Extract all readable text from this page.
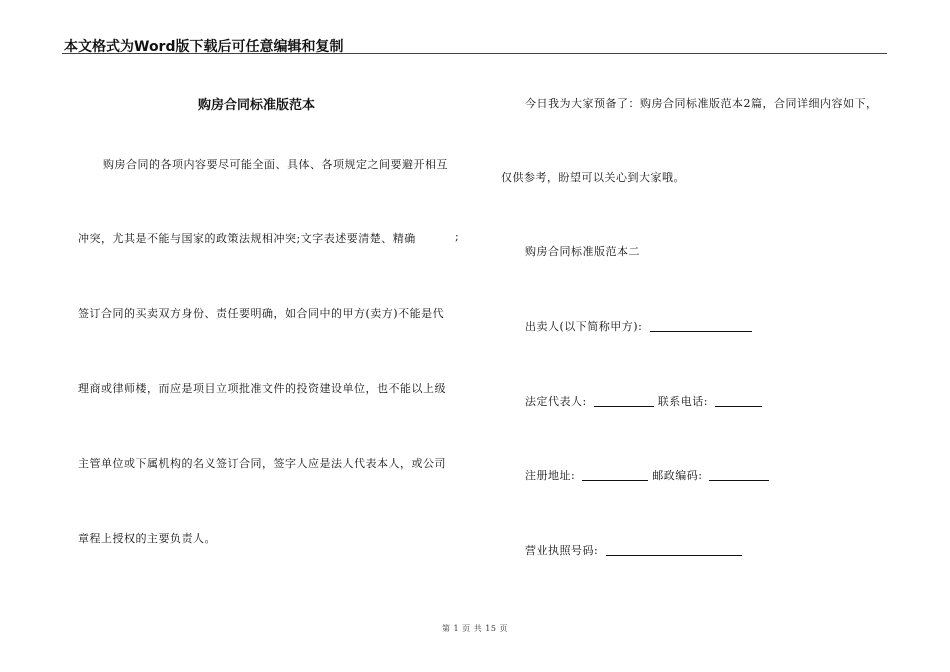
本文格式为Word版下载后可任意编辑和复制
购房合同标准版范本
购房合同的各项内容要尽可能全面、具体、各项规定之间要避开相互
冲突，尤其是不能与国家的政策法规相冲突;文字表述要清楚、精确	;
签订合同的买卖双方身份、责任要明确，如合同中的甲方(卖方)不能是代
理商或律师楼，而应是项目立项批准文件的投资建设单位，也不能以上级
主管单位或下属机构的名义签订合同，签字人应是法人代表本人，或公司
章程上授权的主要负责人。
今日我为大家预备了：购房合同标准版范本2篇，合同详细内容如下，
仅供参考，盼望可以关心到大家哦。
购房合同标准版范本二
出卖人(以下简称甲方):
法定代表人:	联系电话:
注册地址:	邮政编码:
营业执照号码:
第 1 页 共 15 页
